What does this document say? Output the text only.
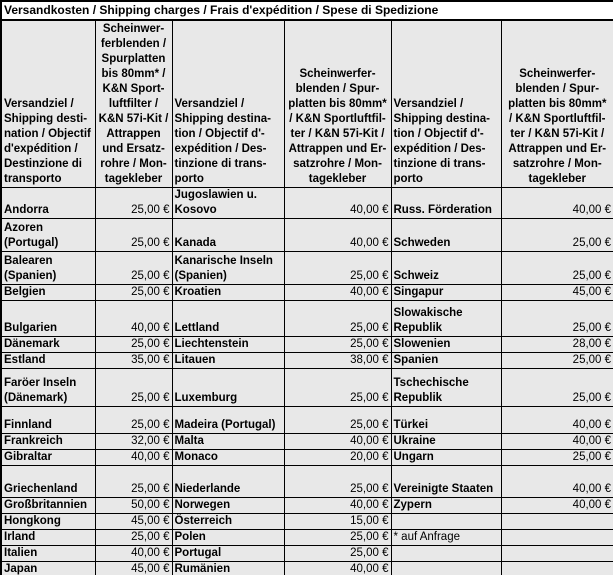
Versandkosten / Shipping charges / Frais d'expédition / Spese di Spedizione					
Versandziel /
Shipping desti-
nation / Objectif
d'expédition /
Destinzione di
transporto	Scheinwer-
ferblenden /
Spurplatten
bis 80mm* /
K&N Sport-
luftfilter /
K&N 57i-Kit /
Attrappen
und Ersatz-
rohre / Mon-
tagekleber	Versandziel /
Shipping destina-
tion / Objectif d'-
expédition / Des-
tinzione di trans-
porto	Scheinwerfer-
blenden / Spur-
platten bis 80mm*
/ K&N Sportluftfil-
ter / K&N 57i-Kit /
Attrappen und Er-
satzrohre / Mon-
tagekleber	Versandziel /
Shipping destina-
tion / Objectif d'-
expédition / Des-
tinzione di trans-
porto	Scheinwerfer-
blenden / Spur-
platten bis 80mm*
/ K&N Sportluftfil-
ter / K&N 57i-Kit /
Attrappen und Er-
satzrohre / Mon-
tagekleber
Andorra	25,00 €	Jugoslawien u. Kosovo	40,00 €	Russ. Förderation	40,00 €
Azoren (Portugal)	25,00 €	Kanada	40,00 €	Schweden	25,00 €
Balearen (Spanien)	25,00 €	Kanarische Inseln (Spanien)	25,00 €	Schweiz	25,00 €
Belgien	25,00 €	Kroatien	40,00 €	Singapur	45,00 €
Bulgarien	40,00 €	Lettland	25,00 €	Slowakische Republik	25,00 €
Dänemark	25,00 €	Liechtenstein	25,00 €	Slowenien	28,00 €
Estland	35,00 €	Litauen	38,00 €	Spanien	25,00 €
Faröer Inseln (Dänemark)	25,00 €	Luxemburg	25,00 €	Tschechische Republik	25,00 €
Finnland	25,00 €	Madeira (Portugal)	25,00 €	Türkei	40,00 €
Frankreich	32,00 €	Malta	40,00 €	Ukraine	40,00 €
Gibraltar	40,00 €	Monaco	20,00 €	Ungarn	25,00 €
Griechenland	25,00 €	Niederlande	25,00 €	Vereinigte Staaten	40,00 €
Großbritannien	50,00 €	Norwegen	40,00 €	Zypern	40,00 €
Hongkong	45,00 €	Österreich	15,00 €		
Irland	25,00 €	Polen	25,00 €	* auf Anfrage	
Italien	40,00 €	Portugal	25,00 €		
Japan	45,00 €	Rumänien	40,00 €		
